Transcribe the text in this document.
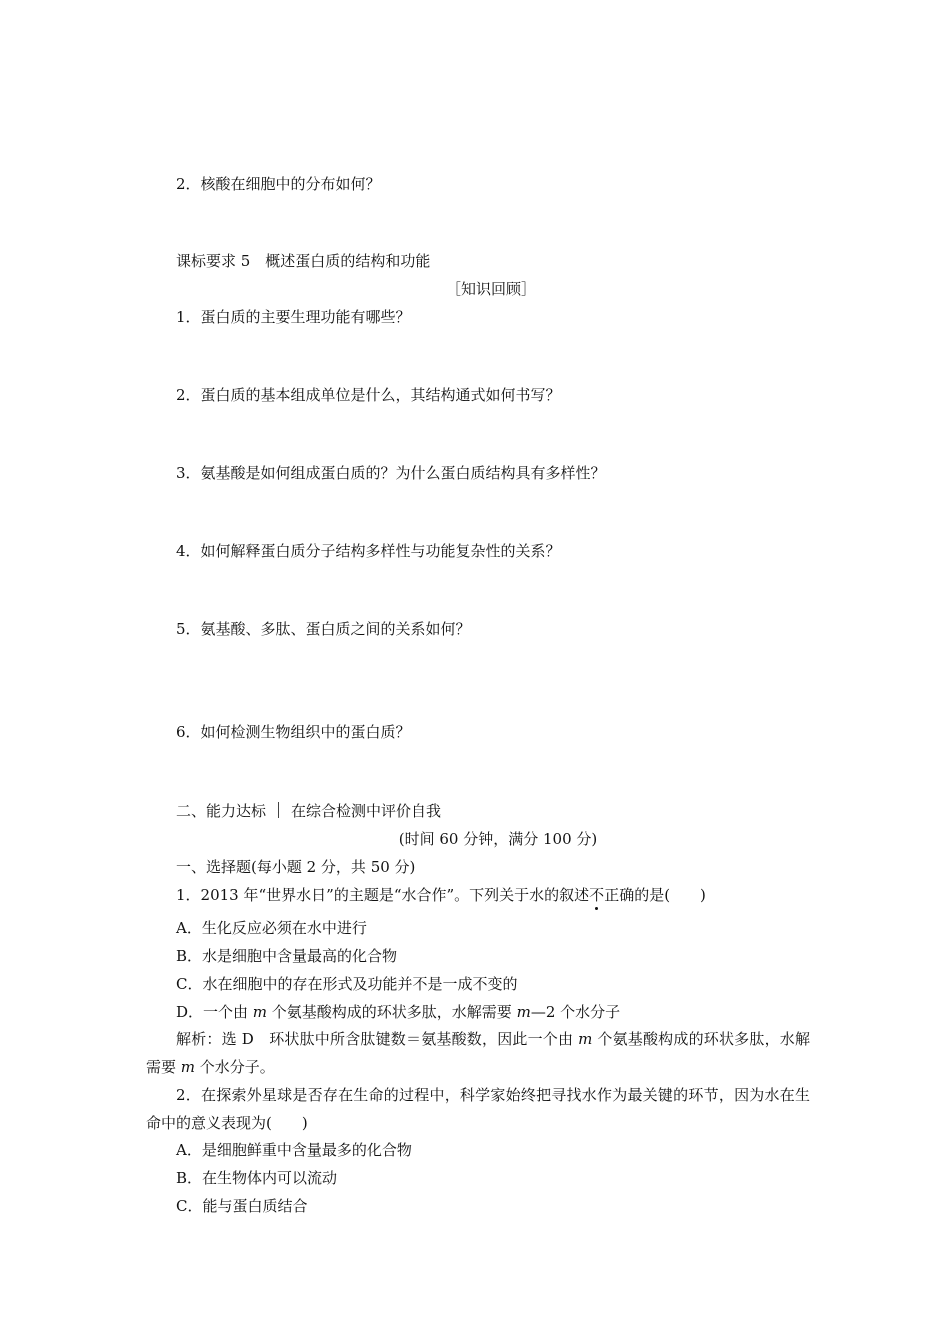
2．核酸在细胞中的分布如何？
课标要求 5　概述蛋白质的结构和功能
［知识回顾］
1．蛋白质的主要生理功能有哪些？
2．蛋白质的基本组成单位是什么，其结构通式如何书写？
3．氨基酸是如何组成蛋白质的？为什么蛋白质结构具有多样性？
4．如何解释蛋白质分子结构多样性与功能复杂性的关系？
5．氨基酸、多肽、蛋白质之间的关系如何？
6．如何检测生物组织中的蛋白质？
二、能力达标 在综合检测中评价自我
(时间 60 分钟，满分 100 分)
一、选择题(每小题 2 分，共 50 分)
1．2013 年“世界水日”的主题是“水合作”。下列关于水的叙述不正确的是(　　)
A．生化反应必须在水中进行
B．水是细胞中含量最高的化合物
C．水在细胞中的存在形式及功能并不是一成不变的
D．一个由 m 个氨基酸构成的环状多肽，水解需要 m—2 个水分子
解析：选 D　环状肽中所含肽键数＝氨基酸数，因此一个由 m 个氨基酸构成的环状多肽，水解需要 m 个水分子。
2．在探索外星球是否存在生命的过程中，科学家始终把寻找水作为最关键的环节，因为水在生命中的意义表现为(　　)
A．是细胞鲜重中含量最多的化合物
B．在生物体内可以流动
C．能与蛋白质结合
